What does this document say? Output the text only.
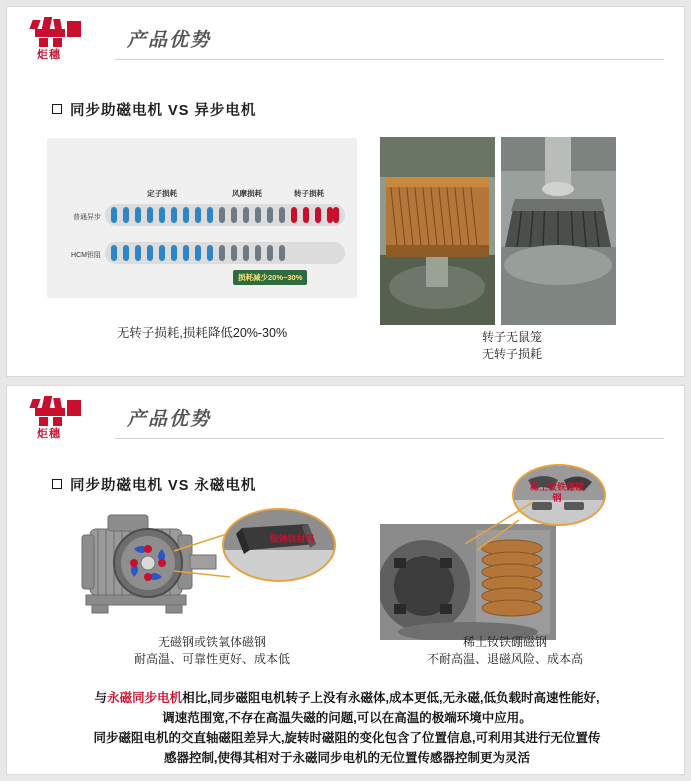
炬穗
产品优势
同步助磁电机 VS 异步电机
定子损耗	风摩损耗	转子损耗
普通异步
HCM钽阻
损耗减少20%~30%
无转子损耗,损耗降低20%-30%	转子无鼠笼
无转子损耗
炬穗
产品优势
同步助磁电机 VS 永磁电机
极锈铁材料
稀土钕铁硼磁
钢
无磁钢或铁氧体磁钢
耐高温、可靠性更好、成本低
稀土钕铁硼磁钢
不耐高温、退磁风险、成本高
与永磁同步电机相比,同步磁阻电机转子上没有永磁体,成本更低,无永磁,低负载时高速性能好,
调速范围宽,不存在高温失磁的问题,可以在高温的极端环境中应用。
同步磁阻电机的交直轴磁阻差异大,旋转时磁阻的变化包含了位置信息,可利用其进行无位置传
感器控制,使得其相对于永磁同步电机的无位置传感器控制更为灵活
